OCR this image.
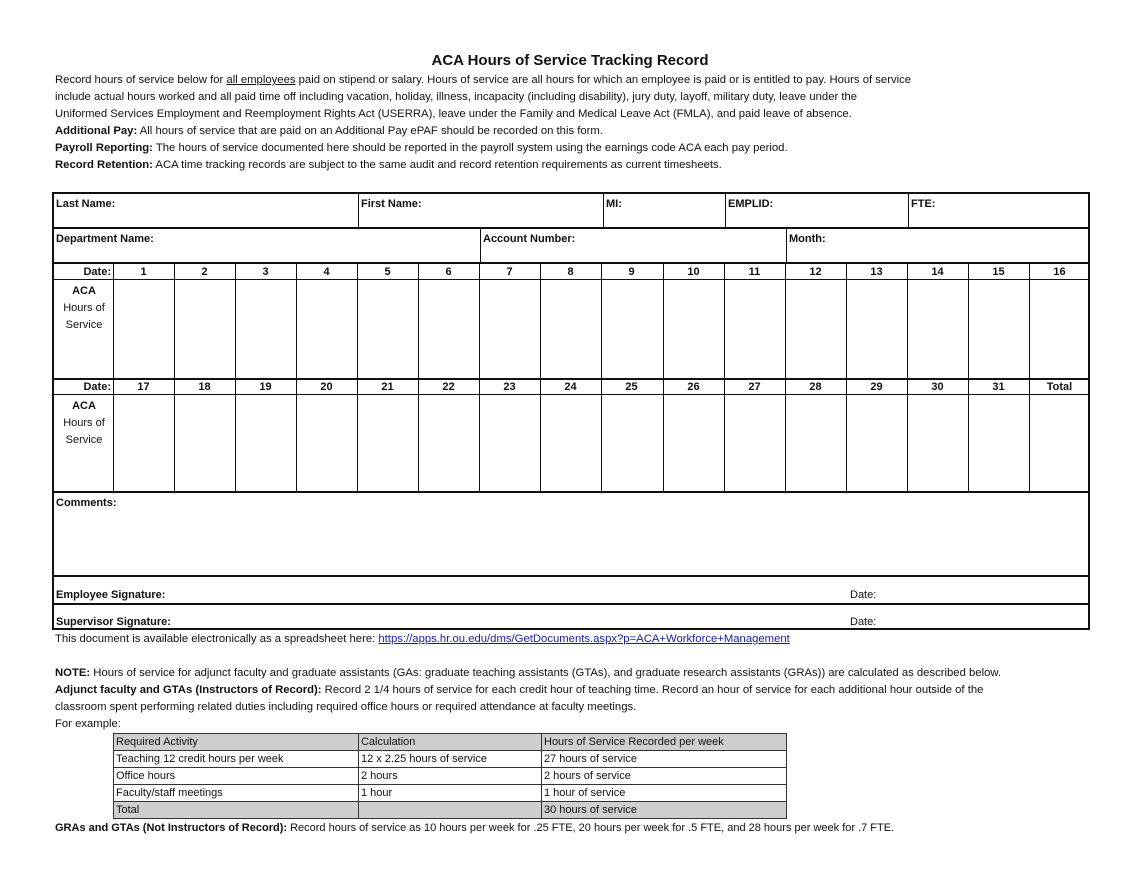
ACA Hours of Service Tracking Record
Record hours of service below for all employees paid on stipend or salary. Hours of service are all hours for which an employee is paid or is entitled to pay. Hours of service
include actual hours worked and all paid time off including vacation, holiday, illness, incapacity (including disability), jury duty, layoff, military duty, leave under the
Uniformed Services Employment and Reemployment Rights Act (USERRA), leave under the Family and Medical Leave Act (FMLA), and paid leave of absence.
Additional Pay: All hours of service that are paid on an Additional Pay ePAF should be recorded on this form.
Payroll Reporting: The hours of service documented here should be reported in the payroll system using the earnings code ACA each pay period.
Record Retention: ACA time tracking records are subject to the same audit and record retention requirements as current timesheets.
Last Name:	First Name:	MI:	EMPLID:	FTE:
Department Name:	Account Number:	Month:
Date:	1	2	3	4	5	6	7	8	9	10	11	12	13	14	15	16
ACA
Hours of
Service
Date:	17	18	19	20	21	22	23	24	25	26	27	28	29	30	31	Total
ACA
Hours of
Service
Comments:
Employee Signature:	Date:
Supervisor Signature:	Date:
This document is available electronically as a spreadsheet here: https://apps.hr.ou.edu/dms/GetDocuments.aspx?p=ACA+Workforce+Management
NOTE: Hours of service for adjunct faculty and graduate assistants (GAs: graduate teaching assistants (GTAs), and graduate research assistants (GRAs)) are calculated as described below.
Adjunct faculty and GTAs (Instructors of Record): Record 2 1/4 hours of service for each credit hour of teaching time. Record an hour of service for each additional hour outside of the
classroom spent performing related duties including required office hours or required attendance at faculty meetings.
For example:
Required Activity	Calculation	Hours of Service Recorded per week
Teaching 12 credit hours per week	12 x 2.25 hours of service	27 hours of service
Office hours	2 hours	2 hours of service
Faculty/staff meetings	1 hour	1 hour of service
Total		30 hours of service
GRAs and GTAs (Not Instructors of Record): Record hours of service as 10 hours per week for .25 FTE, 20 hours per week for .5 FTE, and 28 hours per week for .7 FTE.
